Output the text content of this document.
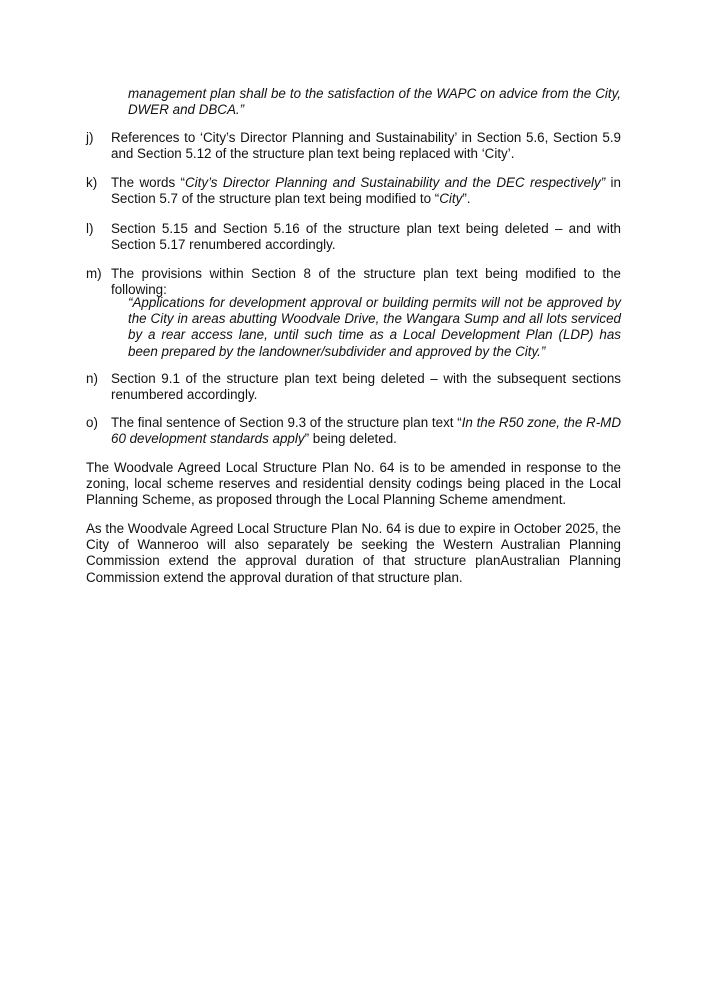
management plan shall be to the satisfaction of the WAPC on advice from the City, DWER and DBCA.”

j)	References to ‘City’s Director Planning and Sustainability’ in Section 5.6, Section 5.9 and Section 5.12 of the structure plan text being replaced with ‘City’.

k)	The words “City’s Director Planning and Sustainability and the DEC respectively” in Section 5.7 of the structure plan text being modified to “City”.

l)	Section 5.15 and Section 5.16 of the structure plan text being deleted – and with Section 5.17 renumbered accordingly.

m) The provisions within Section 8 of the structure plan text being modified to the following:

“Applications for development approval or building permits will not be approved by the City in areas abutting Woodvale Drive, the Wangara Sump and all lots serviced by a rear access lane, until such time as a Local Development Plan (LDP) has been prepared by the landowner/subdivider and approved by the City.”

n) Section 9.1 of the structure plan text being deleted – with the subsequent sections renumbered accordingly.

o) The final sentence of Section 9.3 of the structure plan text “In the R50 zone, the R-MD 60 development standards apply” being deleted.

The Woodvale Agreed Local Structure Plan No. 64 is to be amended in response to the zoning, local scheme reserves and residential density codings being placed in the Local Planning Scheme, as proposed through the Local Planning Scheme amendment.

As the Woodvale Agreed Local Structure Plan No. 64 is due to expire in October 2025, the City of Wanneroo will also separately be seeking the Western Australian Planning Commission extend the approval duration of that structure planAustralian Planning Commission extend the approval duration of that structure plan.
